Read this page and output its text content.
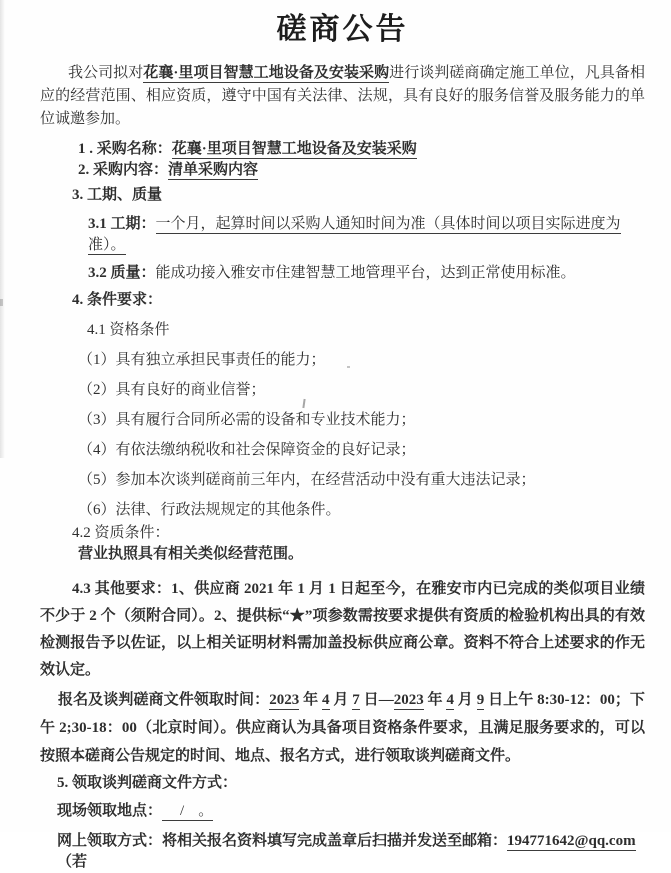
磋商公告

我公司拟对花襄·里项目智慧工地设备及安装采购进行谈判磋商确定施工单位，凡具备相应的经营范围、相应资质，遵守中国有关法律、法规，具有良好的服务信誉及服务能力的单位诚邀参加。

1 . 采购名称：花襄·里项目智慧工地设备及安装采购

2. 采购内容：清单采购内容

3. 工期、质量

3.1 工期：一个月，起算时间以采购人通知时间为准（具体时间以项目实际进度为准）。

3.2 质量：能成功接入雅安市住建智慧工地管理平台，达到正常使用标准。

4. 条件要求：

4.1 资格条件

（1）具有独立承担民事责任的能力；

（2）具有良好的商业信誉；

（3）具有履行合同所必需的设备和专业技术能力；

（4）有依法缴纳税收和社会保障资金的良好记录；

（5）参加本次谈判磋商前三年内，在经营活动中没有重大违法记录；

（6）法律、行政法规规定的其他条件。

4.2 资质条件：

营业执照具有相关类似经营范围。

4.3 其他要求：1、供应商 2021 年 1 月 1 日起至今，在雅安市内已完成的类似项目业绩不少于 2 个（须附合同）。2、提供标“★”项参数需按要求提供有资质的检验机构出具的有效检测报告予以佐证，以上相关证明材料需加盖投标供应商公章。资料不符合上述要求的作无效认定。

报名及谈判磋商文件领取时间：2023 年 4 月 7 日—2023 年 4 月 9 日上午 8:30-12：00；下午 2;30-18：00（北京时间）。供应商认为具备项目资格条件要求，且满足服务要求的，可以按照本磋商公告规定的时间、地点、报名方式，进行领取谈判磋商文件。

5. 领取谈判磋商文件方式：

现场领取地点： / 。

网上领取方式：将相关报名资料填写完成盖章后扫描并发送至邮箱：194771642@qq.com（若
